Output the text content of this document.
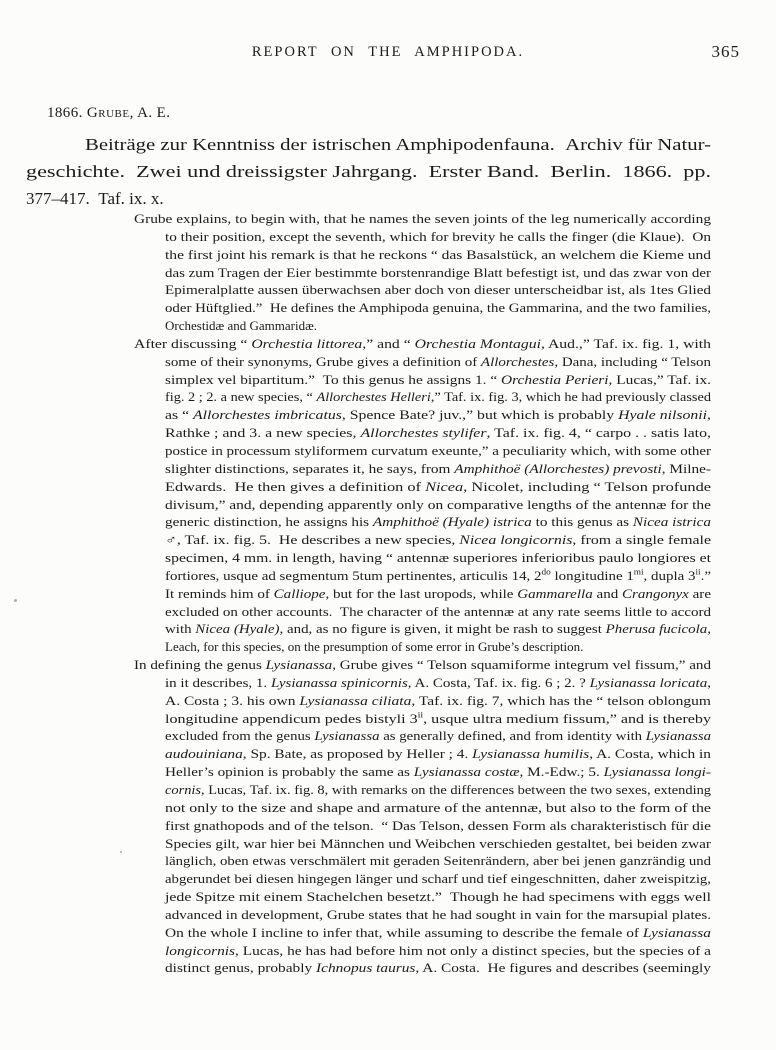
REPORT ON THE AMPHIPODA.	365
1866. Grube, A. E.
Beiträge zur Kenntniss der istrischen Amphipodenfauna. Archiv für Natur-
geschichte. Zwei und dreissigster Jahrgang. Erster Band. Berlin. 1866. pp.
377–417. Taf. ix. x.
Grube explains, to begin with, that he names the seven joints of the leg numerically according
to their position, except the seventh, which for brevity he calls the finger (die Klaue). On
the first joint his remark is that he reckons “ das Basalstück, an welchem die Kieme und
das zum Tragen der Eier bestimmte borstenrandige Blatt befestigt ist, und das zwar von der
Epimeralplatte aussen überwachsen aber doch von dieser unterscheidbar ist, als 1tes Glied
oder Hüftglied.” He defines the Amphipoda genuina, the Gammarina, and the two families,
Orchestidæ and Gammaridæ.
After discussing “ Orchestia littorea,” and “ Orchestia Montagui, Aud.,” Taf. ix. fig. 1, with
some of their synonyms, Grube gives a definition of Allorchestes, Dana, including “ Telson
simplex vel bipartitum.” To this genus he assigns 1. “ Orchestia Perieri, Lucas,” Taf. ix.
fig. 2 ; 2. a new species, “ Allorchestes Helleri,” Taf. ix. fig. 3, which he had previously classed
as “ Allorchestes imbricatus, Spence Bate? juv.,” but which is probably Hyale nilsonii,
Rathke ; and 3. a new species, Allorchestes stylifer, Taf. ix. fig. 4, “ carpo . . satis lato,
postice in processum styliformem curvatum exeunte,” a peculiarity which, with some other
slighter distinctions, separates it, he says, from Amphithoë (Allorchestes) prevosti, Milne-
Edwards. He then gives a definition of Nicea, Nicolet, including “ Telson profunde
divisum,” and, depending apparently only on comparative lengths of the antennæ for the
generic distinction, he assigns his Amphithoë (Hyale) istrica to this genus as Nicea istrica
♂, Taf. ix. fig. 5. He describes a new species, Nicea longicornis, from a single female
specimen, 4 mm. in length, having “ antennæ superiores inferioribus paulo longiores et
fortiores, usque ad segmentum 5tum pertinentes, articulis 14, $2^{do}$ longitudine $1^{mi}$, dupla 3$^{ii}$.”
It reminds him of Calliope, but for the last uropods, while Gammarella and Crangonyx are
excluded on other accounts. The character of the antennæ at any rate seems little to accord
with Nicea (Hyale), and, as no figure is given, it might be rash to suggest Pherusa fucicola,
Leach, for this species, on the presumption of some error in Grube’s description.
In defining the genus Lysianassa, Grube gives “ Telson squamiforme integrum vel fissum,” and
in it describes, 1. Lysianassa spinicornis, A. Costa, Taf. ix. fig. 6 ; 2. ? Lysianassa loricata,
A. Costa ; 3. his own Lysianassa ciliata, Taf. ix. fig. 7, which has the “ telson oblongum
longitudine appendicum pedes bistyli 3$^{ii}$, usque ultra medium fissum,” and is thereby
excluded from the genus Lysianassa as generally defined, and from identity with Lysianassa
audouiniana, Sp. Bate, as proposed by Heller ; 4. Lysianassa humilis, A. Costa, which in
Heller’s opinion is probably the same as Lysianassa costæ, M.-Edw.; 5. Lysianassa longi-
cornis, Lucas, Taf. ix. fig. 8, with remarks on the differences between the two sexes, extending
not only to the size and shape and armature of the antennæ, but also to the form of the
first gnathopods and of the telson. “ Das Telson, dessen Form als charakteristisch für die
Species gilt, war hier bei Männchen und Weibchen verschieden gestaltet, bei beiden zwar
länglich, oben etwas verschmälert mit geraden Seitenrändern, aber bei jenen ganzrändig und
abgerundet bei diesen hingegen länger und scharf und tief eingeschnitten, daher zweispitzig,
jede Spitze mit einem Stachelchen besetzt.” Though he had specimens with eggs well
advanced in development, Grube states that he had sought in vain for the marsupial plates.
On the whole I incline to infer that, while assuming to describe the female of Lysianassa
longicornis, Lucas, he has had before him not only a distinct species, but the species of a
distinct genus, probably Ichnopus taurus, A. Costa. He figures and describes (seemingly
